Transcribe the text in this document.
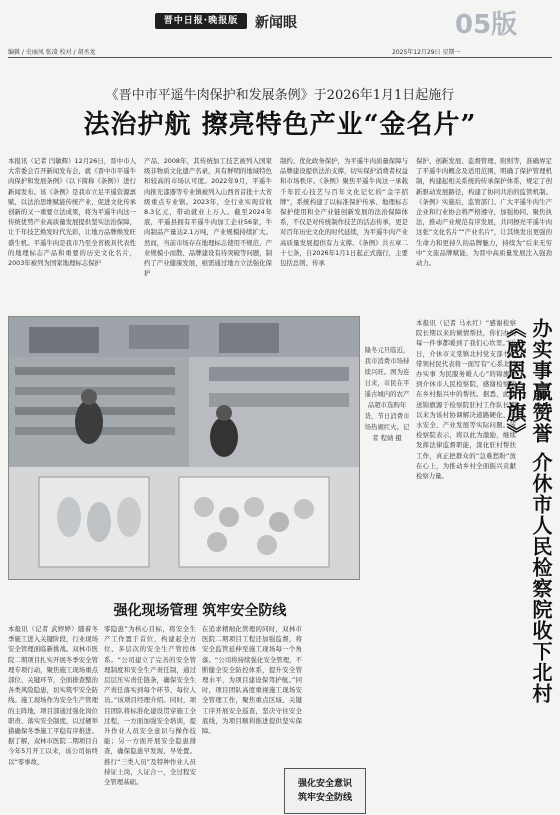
晋中日报·晚报版	新闻眼	05版
编辑 / 史丽凤 张凌 校对 / 胡丞龙	2025年12月29日 星期一
《晋中市平遥牛肉保护和发展条例》于2026年1月1日起施行
法治护航 擦亮特色产业“金名片”
本报讯（记者 闫敏辉）12月26日，晋中市人大常委会召开新闻发布会，就《晋中市平遥牛肉保护和发展条例》（以下简称《条例》）进行新闻发布。该《条例》是我市立足平遥资源禀赋、以法治思维赋能传统产业、促进文化传承创新的又一重要立法成果，将为平遥牛肉这一传统优势产业高质量发展提供坚实法治保障，让千年技艺焕发时代光彩，让地方品牌焕发旺盛生机。平遥牛肉是我市乃至全省极具代表性的地理标志产品和重要的历史文化名片，2003年被列为国家地理标志保护
产品，2008年，其传统加工技艺被列入国家级非物质文化遗产名录，具有鲜明的地域特色和较高的市场认可度。2022年9月，平遥牛肉推光漆器等专业镇被列入山西省首批十大省级重点专业镇。2023年，全行业实现营收8.3亿元，带动就业上万人。截至2024年底，平遥县拥有平遥牛肉加工企业56家，牛肉制品产量达2.1万吨，产业规模持续扩大。然而，当前市场存在地理标志使用不规范、产业规模小而散、品牌建设有待突破等问题，制约了产业健康发展，亟需通过地方立法强化保护
制约、优化政务保护，为平遥牛肉质量保障与品牌建设提供法治支撑，切实保护消费者权益和市场秩序。《条例》聚焦平遥牛肉这一承载千年匠心技艺与百年文化记忆的“金字招牌”，系统构建了以标准保护传承、地理标志保护使用和全产业链创新发展的法治保障体系，不仅是对传统制作技艺的活态传承，更是对百年历史文化的时代延续，为平遥牛肉产业高质量发展提供有力支撑。《条例》共五章二十七条，自2026年1月1日起正式施行，主要包括总则、传承
保护、创新发展、监督管理、附则等，准确界定了平遥牛肉概念及适用范围，明确了保护管理机制，构建起相关系统的传承保护体系，规定了创新驱动发展路径，构建了协同共治的监管机制。《条例》实施后，监管部门、广大平遥牛肉生产企业和行业协会将严格遵守，加强协同、聚焦执法，推动产业规范有序发展，共同擦亮平遥牛肉这张“文化名片”“产业名片”，让其焕发出更强的生命力和更持久的品牌魅力，持续为“后来无穷中”文旅品牌赋能，为晋中高质量发展注入强劲动力。
隆冬元旦临近，我市消费市场持续兴旺。图为连日来，市民在平遥古城内的农产品超市选购年货，节日消费市场热闹红火。记者 程婧 摄
强化现场管理 筑牢安全防线
本报讯（记者 武婷婷）随着冬季施工进入关键阶段，行业现场安全管理面临新挑战。双林市医院二期项目扎实开展冬季安全管理专项行动，聚焦施工现场重点部位、关键环节，全面排查整治各类风险隐患，切实筑牢安全防线。施工现场作为安全生产管理的主阵地，项目部通过强化岗位职责、落实安全制度，以过硬举措确保冬季施工平稳有序推进。据了解，双林市医院二期项目自今年5月开工以来，该公司始终以“零事故、
零隐患”为核心目标，将安全生产工作置于首位，构建起全方位、多层次的安全生产管控体系。“公司建立了完善的安全管理制度和安全生产责任制，通过层层压实责任链条，确保安全生产责任落实到每个环节、每位人员。”该项目经理介绍。同时，项目团队将标准化建设贯穿施工全过程，一方面加强安全培训，提升作业人员安全意识与操作技能；另一方面开展安全隐患排查，确保隐患早发现、早处置。推行“三类人员”及特种作业人员持证上岗，人证合一，全过程安全管理基础。
在追求精细化管理的同时，双林市医院二期项目工程还加强监督，将安全监管延伸至施工现场每一个角落。“公司将持续强化安全管理，不断健全安全防控体系，提升安全管理水平，为项目建设保驾护航。”同时，项目团队高度重视施工现场安全管理工作，聚焦重点区域、关键工序开展安全巡查，坚决守住安全底线，为项目顺利推进提供坚实保障。
强化安全意识
筑牢安全防线
本报讯（记者 马永红）“感谢检察院长期以来的倾情帮扶，你们办的每一件事都暖到了我们心坎里。”近日，介休市义棠镇北村党支部书记带领村民代表将一面写有“心系北村办实事 为民服务暖人心”的锦旗送到介休市人民检察院，感谢检察院在乡村振兴中的帮扶。据悉，此次送锦旗源于检察院驻村工作队长期以来为该村协调解决道路硬化、饮水安全、产业发展等实际问题。该检察院表示，将以此为激励，继续发挥法律监督职能，深化驻村帮扶工作，真正把群众的“急难愁盼”放在心上，为推动乡村全面振兴贡献检察力量。	办实事赢赞誉 介休市人民检察院收下北村《感恩锦旗》
